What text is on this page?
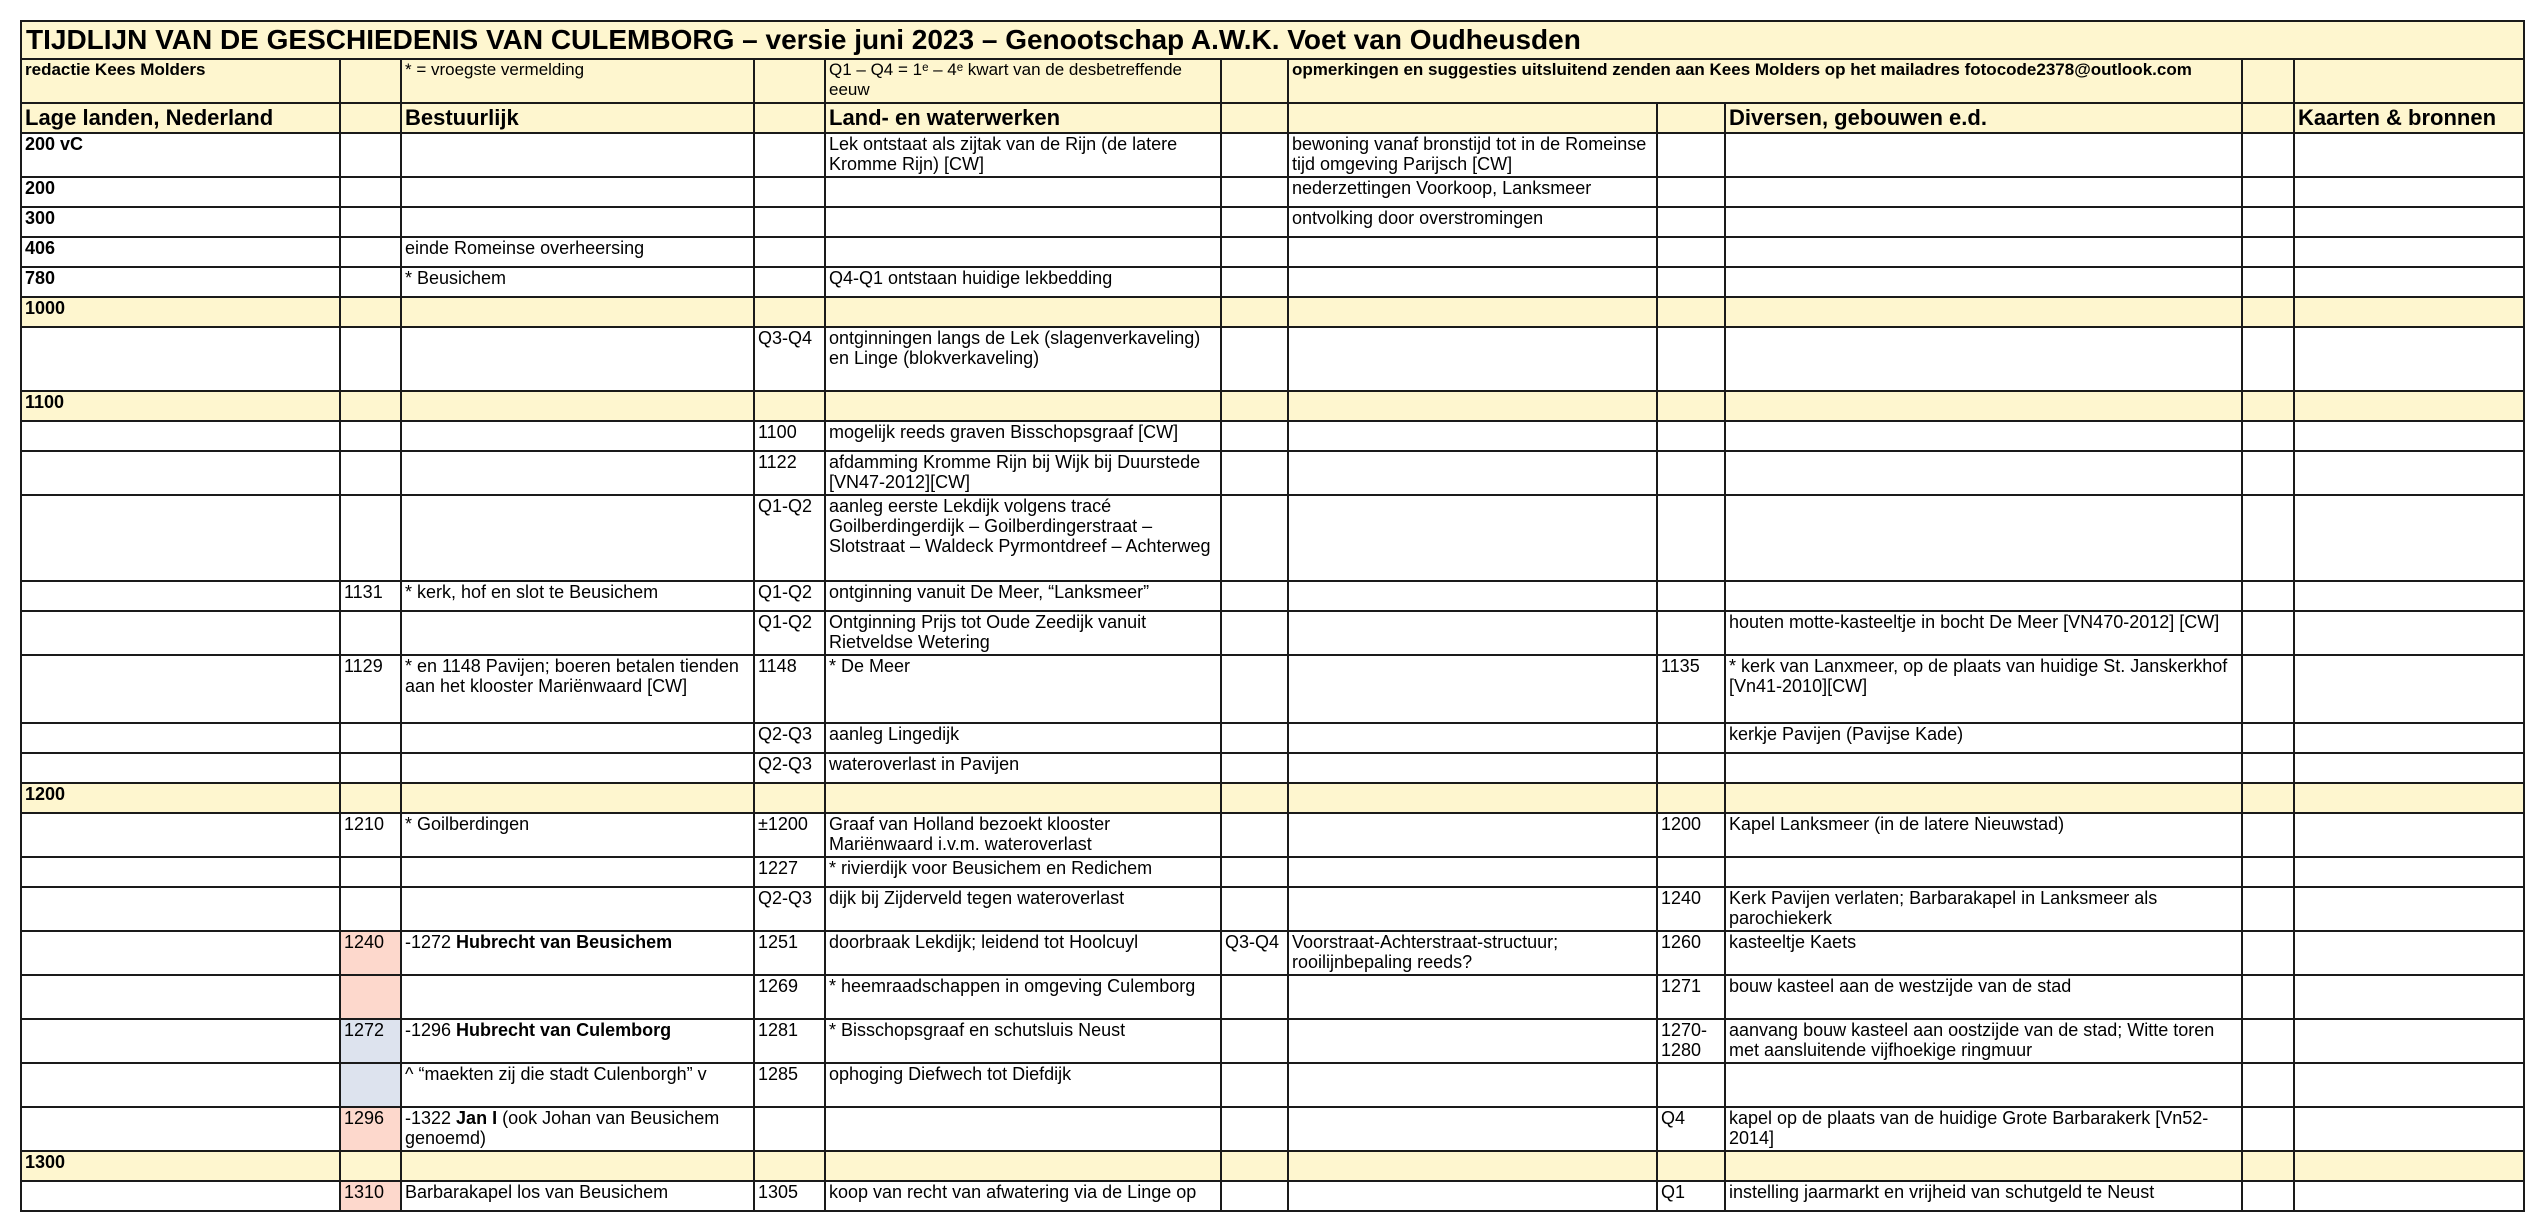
TIJDLIJN VAN DE GESCHIEDENIS VAN CULEMBORG – versie juni 2023 – Genootschap A.W.K. Voet van Oudheusden										
redactie Kees Molders		* = vroegste vermelding		Q1 – Q4 = 1ᵉ – 4ᵉ kwart van de desbetreffende eeuw		opmerkingen en suggesties uitsluitend zenden aan Kees Molders op het mailadres fotocode2378@outlook.com				
Lage landen, Nederland		Bestuurlijk		Land- en waterwerken				Diversen, gebouwen e.d.		Kaarten & bronnen
200 vC				Lek ontstaat als zijtak van de Rijn (de latere Kromme Rijn) [CW]		bewoning vanaf bronstijd tot in de Romeinse tijd omgeving Parijsch [CW]				
200						nederzettingen Voorkoop, Lanksmeer				
300						ontvolking door overstromingen				
406		einde Romeinse overheersing								
780		* Beusichem		Q4-Q1 ontstaan huidige lekbedding						
1000										
			Q3-Q4	ontginningen langs de Lek (slagenverkaveling) en Linge (blokverkaveling)						
1100										
			1100	mogelijk reeds graven Bisschopsgraaf [CW]						
			1122	afdamming Kromme Rijn bij Wijk bij Duurstede [VN47-2012][CW]						
			Q1-Q2	aanleg eerste Lekdijk volgens tracé Goilberdingerdijk – Goilberdingerstraat – Slotstraat – Waldeck Pyrmontdreef – Achterweg						
	1131	* kerk, hof en slot te Beusichem	Q1-Q2	ontginning vanuit De Meer, “Lanksmeer”						
			Q1-Q2	Ontginning Prijs tot Oude Zeedijk vanuit Rietveldse Wetering				houten motte-kasteeltje in bocht De Meer [VN470-2012] [CW]		
	1129	* en 1148 Pavijen; boeren betalen tienden aan het klooster Mariënwaard [CW]	1148	* De Meer			1135	* kerk van Lanxmeer, op de plaats van huidige St. Janskerkhof [Vn41-2010][CW]		
			Q2-Q3	aanleg Lingedijk				kerkje Pavijen (Pavijse Kade)		
			Q2-Q3	wateroverlast in Pavijen						
1200										
	1210	* Goilberdingen	±1200	Graaf van Holland bezoekt klooster Mariënwaard i.v.m. wateroverlast			1200	Kapel Lanksmeer (in de latere Nieuwstad)		
			1227	* rivierdijk voor Beusichem en Redichem						
			Q2-Q3	dijk bij Zijderveld tegen wateroverlast			1240	Kerk Pavijen verlaten; Barbarakapel in Lanksmeer als parochiekerk		
	1240	-1272 Hubrecht van Beusichem	1251	doorbraak Lekdijk; leidend tot Hoolcuyl	Q3-Q4	Voorstraat-Achterstraat-structuur; rooilijnbepaling reeds?	1260	kasteeltje Kaets		
			1269	* heemraadschappen in omgeving Culemborg			1271	bouw kasteel aan de westzijde van de stad		
	1272	-1296 Hubrecht van Culemborg	1281	* Bisschopsgraaf en schutsluis Neust			1270-1280	aanvang bouw kasteel aan oostzijde van de stad; Witte toren met aansluitende vijfhoekige ringmuur		
		^ “maekten zij die stadt Culenborgh” v	1285	ophoging Diefwech tot Diefdijk						
	1296	-1322 Jan I (ook Johan van Beusichem genoemd)					Q4	kapel op de plaats van de huidige Grote Barbarakerk [Vn52-2014]		
1300										
	1310	Barbarakapel los van Beusichem	1305	koop van recht van afwatering via de Linge op			Q1	instelling jaarmarkt en vrijheid van schutgeld te Neust		
